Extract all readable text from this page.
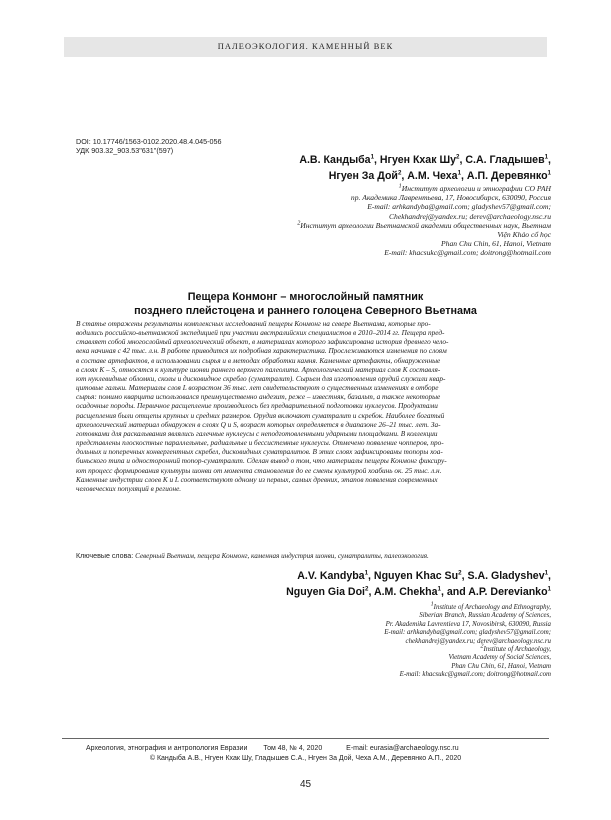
ПАЛЕОЭКОЛОГИЯ. КАМЕННЫЙ ВЕК
DOI: 10.17746/1563-0102.2020.48.4.045-056
УДК 903.32_903.53"631"(597)
А.В. Кандыба$^1$, Нгуен Кхак $Шу^2$, С.А. Гладышев$^1$,
Нгуен За Дой$^2$, А.М. Чеха$^1$, А.П. Деревянко$^1$
$^1$Институт археологии и этнографии СО РАН
пр. Академика Лаврентьева, 17, Новосибирск, 630090, Россия
E-mail: arhkandyba@gmail.com; gladyshev57@gmail.com;
Chekhandrej@yandex.ru; derev@archaeology.nsc.ru
$^2$Институт археологии Вьетнамской академии общественных наук, Вьетнам
Viện Khảo cổ học
Phan Chu Chin, 61, Hanoi, Vietnam
E-mail: khacsukc@gmail.com; doitrong@hotmail.com
Пещера Конмонг – многослойный памятник
позднего плейстоцена и раннего голоцена Северного Вьетнама
В статье отражены результаты комплексных исследований пещеры Конмонг на севере Вьетнама, которые про-
водились российско-вьетнамской экспедицией при участии австралийских специалистов в 2010–2014 гг. Пещера пред-
ставляет собой многослойный археологический объект, в материалах которого зафиксирована история древнего чело-
века начиная с 42 тыс. л.н. В работе приводится их подробная характеристика. Прослеживаются изменения по слоям
в составе артефактов, в использовании сырья и в методах обработки камня. Каменные артефакты, обнаруженные
в слоях K – S, относятся к культуре шонви раннего верхнего палеолита. Археологический материал слоя K составля-
ют нуклевидные обломки, сколы и дисковидное скребло (суматралит). Сырьем для изготовления орудий служили квар-
цитовые гальки. Материалы слоя L возрастом 36 тыс. лет свидетельствуют о существенных изменениях в отборе
сырья: помимо кварцита использовался преимущественно андезит, реже – известняк, базальт, а также некоторые
осадочные породы. Первичное расщепление производилось без предварительной подготовки нуклеусов. Продуктами
расщепления были отщепы крупных и средних размеров. Орудия включают суматралит и скребок. Наиболее богатый
археологический материал обнаружен в слоях Q и S, возраст которых определяется в диапазоне 26–21 тыс. лет. За-
готовками для раскалывания являлись галечные нуклеусы с неподготовленными ударными площадками. В коллекции
представлены плоскостные параллельные, радиальные и бессистемные нуклеусы. Отмечено появление чопперов, про-
дольных и поперечных конвергентных скребел, дисковидных суматралитов. В этих слоях зафиксированы топоры хоа-
биньского типа и односторонний топор-суматралит. Сделан вывод о том, что материалы пещеры Конмонг фиксиру-
ют процесс формирования культуры шонви от момента становления до ее смены культурой хоабинь ок. 25 тыс. л.н.
Каменные индустрии слоев K и L соответствуют одному из первых, самых древних, этапов появления современных
человеческих популяций в регионе.
Ключевые слова: Северный Вьетнам, пещера Конмонг, каменная индустрия шонви, суматралиты, палеоэкология.
A.V. Kandyba$^1$, Nguyen Khac Su$^2$, S.A. Gladyshev$^1$,
Nguyen Gia Doi$^2$, A.M. Chekha$^1$, and A.P. Derevianko$^1$
$^1$Institute of Archaeology and Ethnography,
Siberian Branch, Russian Academy of Sciences,
Pr. Akademika Lavrentieva 17, Novosibirsk, 630090, Russia
E-mail: arhkandyba@gmail.com; gladyshev57@gmail.com;
chekhandrej@yandex.ru; derev@archaeology.nsc.ru
$^2$Institute of Archaeology,
Vietnam Academy of Social Sciences,
Phan Chu Chin, 61, Hanoi, Vietnam
E-mail: khacsukc@gmail.com; doitrong@hotmail.com
Археология, этнография и антропология Евразии Том 48, № 4, 2020	E-mail: eurasia@archaeology.nsc.ru
© Кандыба А.В., Нгуен Кхак Шу, Гладышев С.А., Нгуен За Дой, Чеха А.М., Деревянко А.П., 2020
45
